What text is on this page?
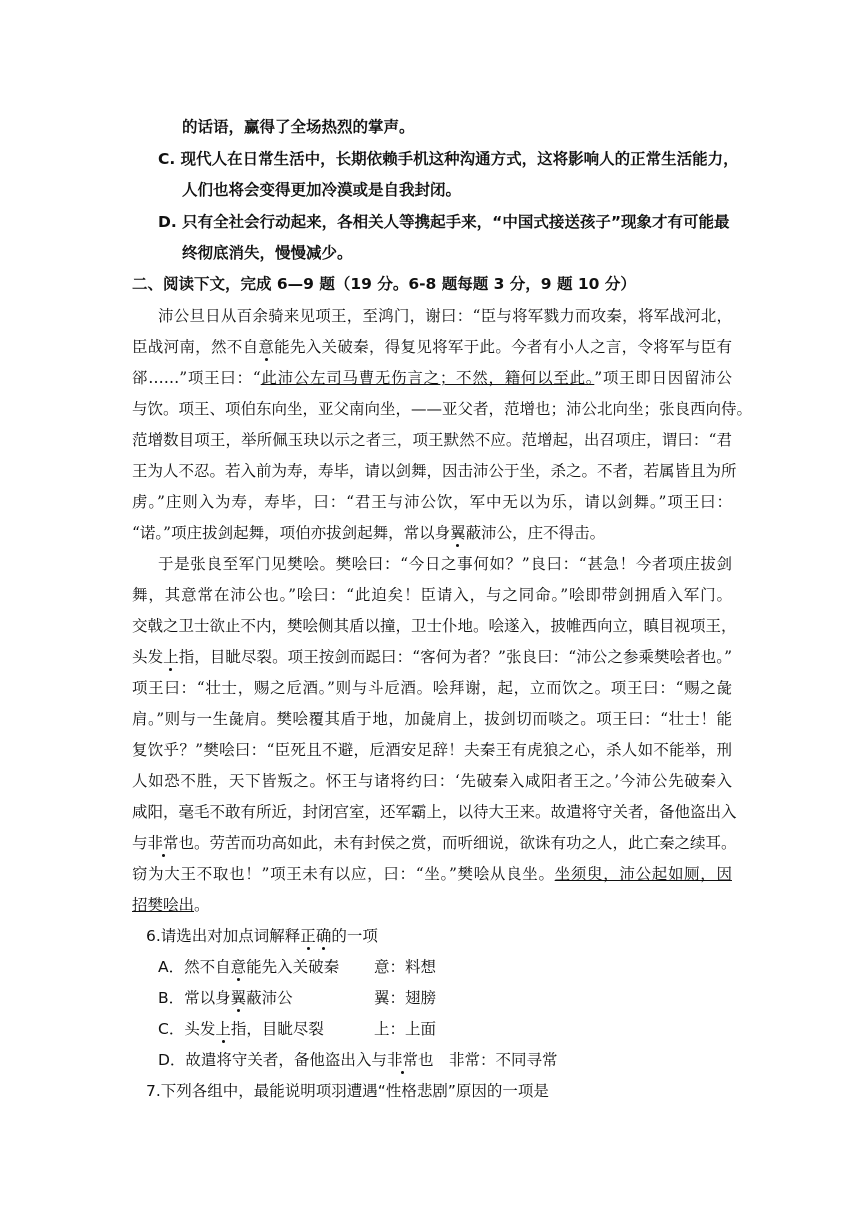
的话语，赢得了全场热烈的掌声。
C. 现代人在日常生活中，长期依赖手机这种沟通方式，这将影响人的正常生活能力，
人们也将会变得更加冷漠或是自我封闭。
D. 只有全社会行动起来，各相关人等携起手来，“中国式接送孩子”现象才有可能最
终彻底消失，慢慢减少。
二、阅读下文，完成 6—9 题（19 分。6-8 题每题 3 分，9 题 10 分）
沛公旦日从百余骑来见项王，至鸿门，谢曰：“臣与将军戮力而攻秦，将军战河北，
臣战河南，然不自意能先入关破秦，得复见将军于此。今者有小人之言，令将军与臣有
郤……”项王曰：“此沛公左司马曹无伤言之；不然，籍何以至此。”项王即日因留沛公
与饮。项王、项伯东向坐，亚父南向坐，——亚父者，范增也；沛公北向坐；张良西向侍。
范增数目项王，举所佩玉玦以示之者三，项王默然不应。范增起，出召项庄，谓曰：“君
王为人不忍。若入前为寿，寿毕，请以剑舞，因击沛公于坐，杀之。不者，若属皆且为所
虏。”庄则入为寿，寿毕，曰：“君王与沛公饮，军中无以为乐，请以剑舞。”项王曰：
“诺。”项庄拔剑起舞，项伯亦拔剑起舞，常以身翼蔽沛公，庄不得击。
于是张良至军门见樊哙。樊哙曰：“今日之事何如？”良曰：“甚急！今者项庄拔剑
舞，其意常在沛公也。”哙曰：“此迫矣！臣请入，与之同命。”哙即带剑拥盾入军门。
交戟之卫士欲止不内，樊哙侧其盾以撞，卫士仆地。哙遂入，披帷西向立，瞋目视项王，
头发上指，目眦尽裂。项王按剑而跽曰：“客何为者？”张良曰：“沛公之参乘樊哙者也。”
项王曰：“壮士，赐之卮酒。”则与斗卮酒。哙拜谢，起，立而饮之。项王曰：“赐之彘
肩。”则与一生彘肩。樊哙覆其盾于地，加彘肩上，拔剑切而啖之。项王曰：“壮士！能
复饮乎？”樊哙曰：“臣死且不避，卮酒安足辞！夫秦王有虎狼之心，杀人如不能举，刑
人如恐不胜，天下皆叛之。怀王与诸将约曰：‘先破秦入咸阳者王之。’今沛公先破秦入
咸阳，毫毛不敢有所近，封闭宫室，还军霸上，以待大王来。故遣将守关者，备他盗出入
与非常也。劳苦而功高如此，未有封侯之赏，而听细说，欲诛有功之人，此亡秦之续耳。
窃为大王不取也！”项王未有以应，曰：“坐。”樊哙从良坐。坐须臾，沛公起如厕，因
招樊哙出。
6.请选出对加点词解释正确的一项
A．然不自意能先入关破秦 意：料想
B．常以身翼蔽沛公	翼：翅膀
C．头发上指，目眦尽裂	上：上面
D．故遣将守关者，备他盗出入与非常也 非常：不同寻常
7.下列各组中，最能说明项羽遭遇“性格悲剧”原因的一项是
